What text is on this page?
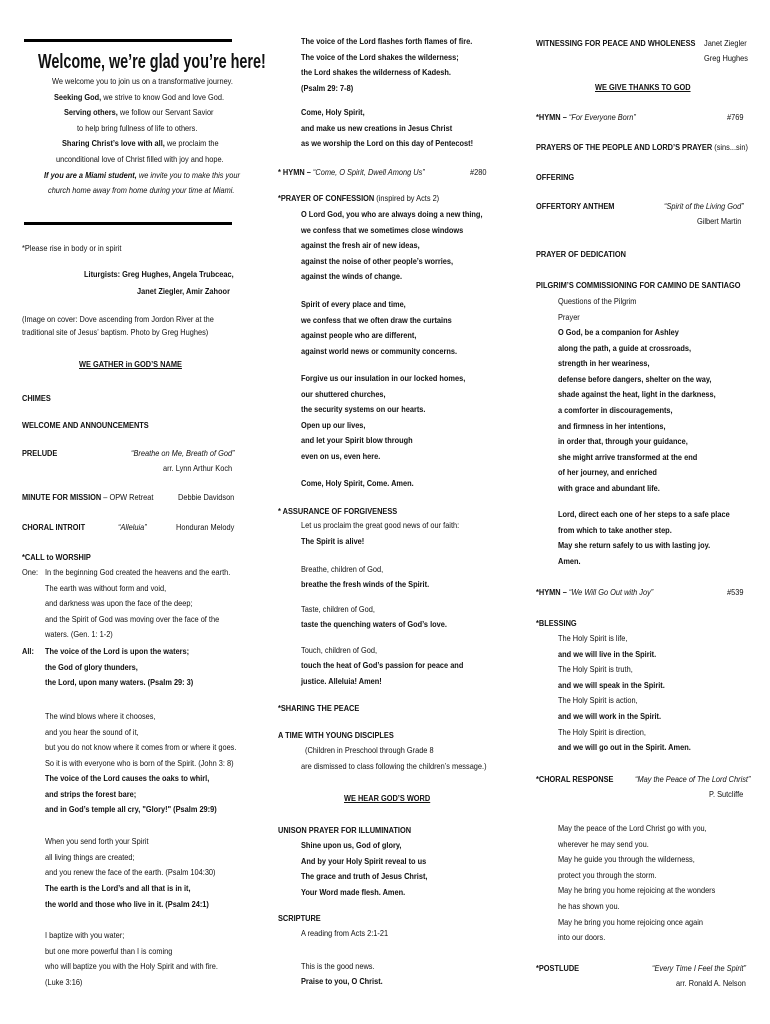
Welcome, we’re glad you’re here!
We welcome you to join us on a transformative journey.
Seeking God, we strive to know God and love God.
Serving others, we follow our Servant Savior
to help bring fullness of life to others.
Sharing Christ’s love with all, we proclaim the
unconditional love of Christ filled with joy and hope.
If you are a Miami student, we invite you to make this your
church home away from home during your time at Miami.
*Please rise in body or in spirit
Liturgists: Greg Hughes, Angela Trubceac,
Janet Ziegler, Amir Zahoor
(Image on cover: Dove ascending from Jordon River at the
traditional site of Jesus’ baptism. Photo by Greg Hughes)
WE GATHER in GOD’S NAME
CHIMES
WELCOME AND ANNOUNCEMENTS
PRELUDE	“Breathe on Me, Breath of God”
arr. Lynn Arthur Koch
MINUTE FOR MISSION – OPW Retreat	Debbie Davidson
CHORAL INTROIT	“Alleluia”	Honduran Melody
*CALL to WORSHIP
One: In the beginning God created the heavens and the earth.
The earth was without form and void,
and darkness was upon the face of the deep;
and the Spirit of God was moving over the face of the
waters. (Gen. 1: 1-2)
All: The voice of the Lord is upon the waters;
the God of glory thunders,
the Lord, upon many waters. (Psalm 29: 3)
The wind blows where it chooses,
and you hear the sound of it,
but you do not know where it comes from or where it goes.
So it is with everyone who is born of the Spirit. (John 3: 8)
The voice of the Lord causes the oaks to whirl,
and strips the forest bare;
and in God’s temple all cry, "Glory!" (Psalm 29:9)
When you send forth your Spirit
all living things are created;
and you renew the face of the earth. (Psalm 104:30)
The earth is the Lord’s and all that is in it,
the world and those who live in it. (Psalm 24:1)
I baptize with you water;
but one more powerful than I is coming
who will baptize you with the Holy Spirit and with fire.
(Luke 3:16)
The voice of the Lord flashes forth flames of fire.
The voice of the Lord shakes the wilderness;
the Lord shakes the wilderness of Kadesh.
(Psalm 29: 7-8)
Come, Holy Spirit,
and make us new creations in Jesus Christ
as we worship the Lord on this day of Pentecost!
* HYMN – “Come, O Spirit, Dwell Among Us”	#280
*PRAYER OF CONFESSION (inspired by Acts 2)
O Lord God, you who are always doing a new thing,
we confess that we sometimes close windows
against the fresh air of new ideas,
against the noise of other people’s worries,
against the winds of change.
Spirit of every place and time,
we confess that we often draw the curtains
against people who are different,
against world news or community concerns.
Forgive us our insulation in our locked homes,
our shuttered churches,
the security systems on our hearts.
Open up our lives,
and let your Spirit blow through
even on us, even here.
Come, Holy Spirit, Come. Amen.
* ASSURANCE OF FORGIVENESS
Let us proclaim the great good news of our faith:
The Spirit is alive!
Breathe, children of God,
breathe the fresh winds of the Spirit.
Taste, children of God,
taste the quenching waters of God’s love.
Touch, children of God,
touch the heat of God’s passion for peace and
justice. Alleluia! Amen!
*SHARING THE PEACE
A TIME WITH YOUNG DISCIPLES
(Children in Preschool through Grade 8
are dismissed to class following the children’s message.)
WE HEAR GOD’S WORD
UNISON PRAYER FOR ILLUMINATION
Shine upon us, God of glory,
And by your Holy Spirit reveal to us
The grace and truth of Jesus Christ,
Your Word made flesh. Amen.
SCRIPTURE
A reading from Acts 2:1-21
This is the good news.
Praise to you, O Christ.
WITNESSING FOR PEACE AND WHOLENESS Janet Ziegler
Greg Hughes
WE GIVE THANKS TO GOD
*HYMN – “For Everyone Born”	#769
PRAYERS OF THE PEOPLE AND LORD’S PRAYER (sins...sin)
OFFERING
OFFERTORY ANTHEM	“Spirit of the Living God”
Gilbert Martin
PRAYER OF DEDICATION
PILGRIM’S COMMISSIONING FOR CAMINO DE SANTIAGO
Questions of the Pilgrim
Prayer
O God, be a companion for Ashley
along the path, a guide at crossroads,
strength in her weariness,
defense before dangers, shelter on the way,
shade against the heat, light in the darkness,
a comforter in discouragements,
and firmness in her intentions,
in order that, through your guidance,
she might arrive transformed at the end
of her journey, and enriched
with grace and abundant life.
Lord, direct each one of her steps to a safe place
from which to take another step.
May she return safely to us with lasting joy.
Amen.
*HYMN – “We Will Go Out with Joy”	#539
*BLESSING
The Holy Spirit is life,
and we will live in the Spirit.
The Holy Spirit is truth,
and we will speak in the Spirit.
The Holy Spirit is action,
and we will work in the Spirit.
The Holy Spirit is direction,
and we will go out in the Spirit. Amen.
*CHORAL RESPONSE	“May the Peace of The Lord Christ”
P. Sutcliffe
May the peace of the Lord Christ go with you,
wherever he may send you.
May he guide you through the wilderness,
protect you through the storm.
May he bring you home rejoicing at the wonders
he has shown you.
May he bring you home rejoicing once again
into our doors.
*POSTLUDE	“Every Time I Feel the Spirit”
arr. Ronald A. Nelson
